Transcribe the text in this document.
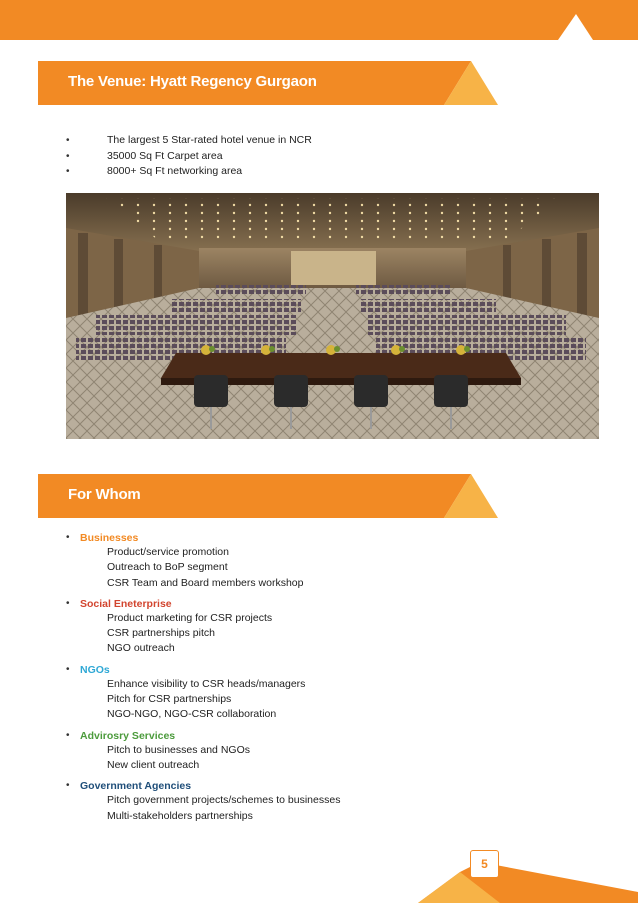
The Venue: Hyatt Regency Gurgaon
•	The largest 5 Star-rated hotel venue in NCR
•	35000 Sq Ft Carpet area
•	8000+ Sq Ft networking area
For Whom
• Businesses
Product/service promotion
Outreach to BoP segment
CSR Team and Board members workshop
• Social Eneterprise
Product marketing for CSR projects
CSR partnerships pitch
NGO outreach
• NGOs
Enhance visibility to CSR heads/managers
Pitch for CSR partnerships
NGO-NGO, NGO-CSR collaboration
• Advirosry Services
Pitch to businesses and NGOs
New client outreach
• Government Agencies
Pitch government projects/schemes to businesses
Multi-stakeholders partnerships
5
